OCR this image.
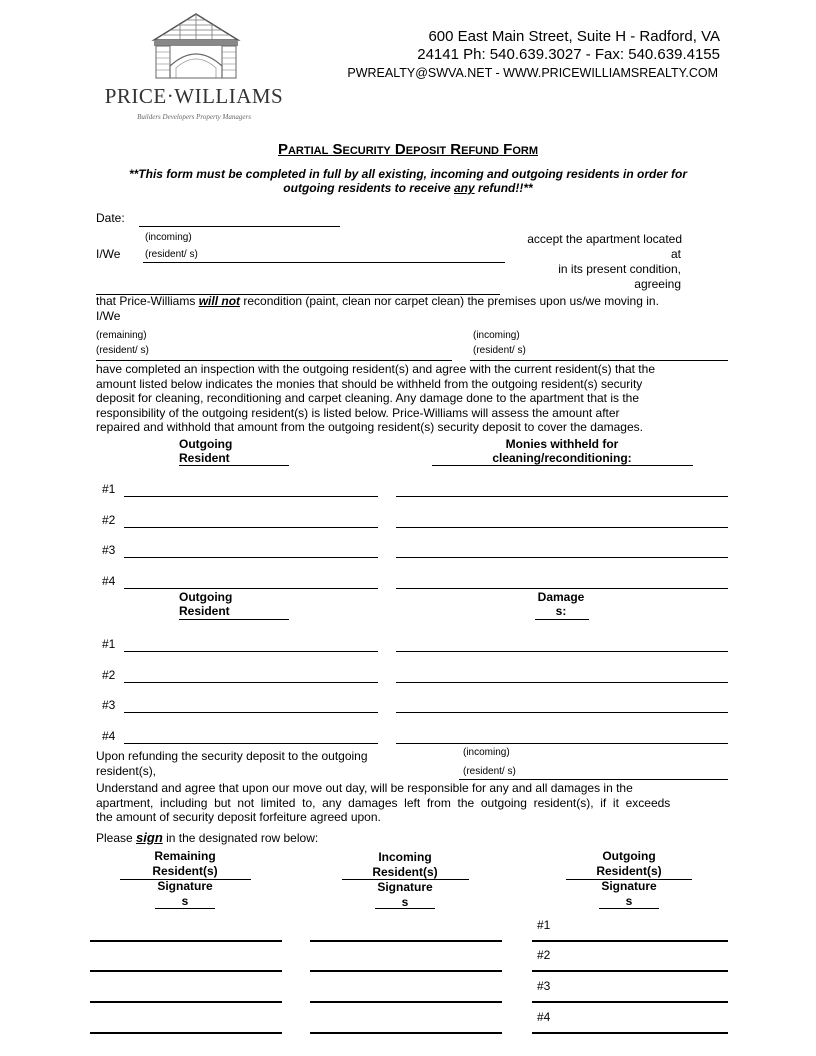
PRICE·WILLIAMS
Builders Developers Property Managers
600 East Main Street, Suite H - Radford, VA
24141 Ph: 540.639.3027 - Fax: 540.639.4155
PWREALTY@SWVA.NET - WWW.PRICEWILLIAMSREALTY.COM
Partial Security Deposit Refund Form
**This form must be completed in full by all existing, incoming and outgoing residents in order for
outgoing residents to receive any refund!!**
Date:
(incoming)
I/We (resident/ s)
accept the apartment located
at
in its present condition,
agreeing
that Price-Williams will not recondition (paint, clean nor carpet clean) the premises upon us/we moving in.
I/We
(remaining)
(resident/ s)
(incoming)
(resident/ s)
have completed an inspection with the outgoing resident(s) and agree with the current resident(s) that the
amount listed below indicates the monies that should be withheld from the outgoing resident(s) security
deposit for cleaning, reconditioning and carpet cleaning. Any damage done to the apartment that is the
responsibility of the outgoing resident(s) is listed below. Price-Williams will assess the amount after
repaired and withhold that amount from the outgoing resident(s) security deposit to cover the damages.
Outgoing
Resident
Monies withheld for
cleaning/reconditioning:
#1
#2
#3
#4
Outgoing
Resident
Damage
s:
#1
#2
#3
#4
Upon refunding the security deposit to the outgoing
resident(s),
(incoming)
(resident/ s)
Understand and agree that upon our move out day, will be responsible for any and all damages in the
apartment,  including  but  not  limited  to,  any  damages  left  from  the  outgoing  resident(s),  if  it  exceeds
the amount of security deposit forfeiture agreed upon.
Please sign in the designated row below:
Remaining
Resident(s)
Signature
s
Incoming
Resident(s)
Signature
s
Outgoing
Resident(s)
Signature
s
#1
#2
#3
#4
